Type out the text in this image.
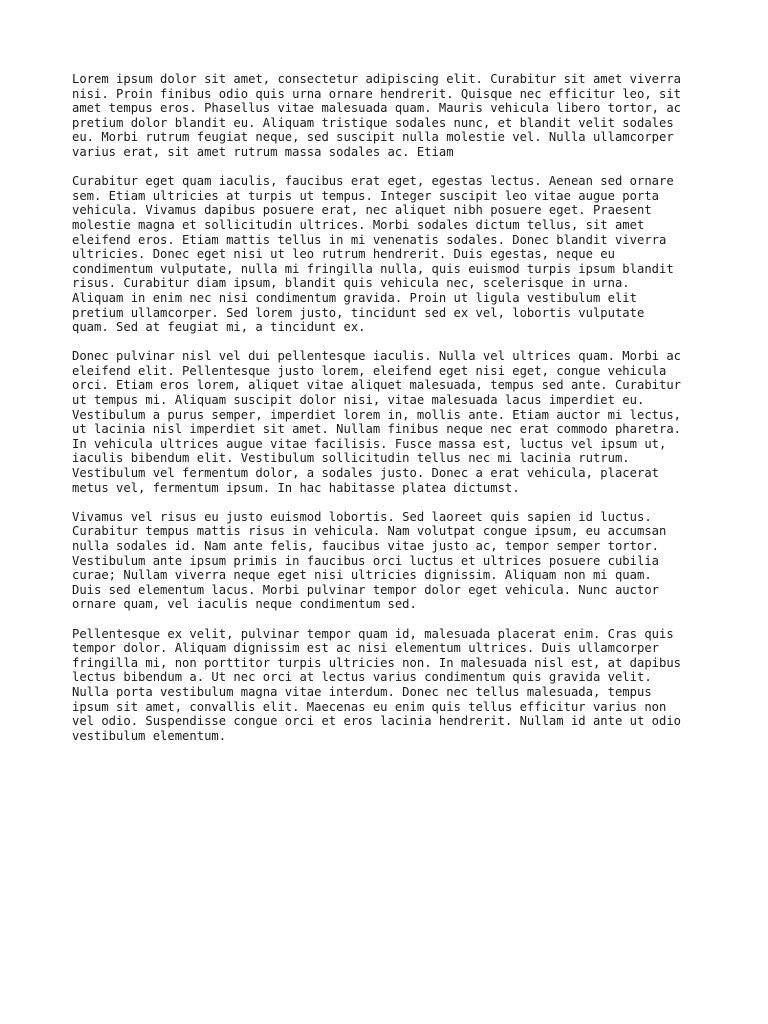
Lorem ipsum dolor sit amet, consectetur adipiscing elit. Curabitur sit amet viverra
nisi. Proin finibus odio quis urna ornare hendrerit. Quisque nec efficitur leo, sit
amet tempus eros. Phasellus vitae malesuada quam. Mauris vehicula libero tortor, ac
pretium dolor blandit eu. Aliquam tristique sodales nunc, et blandit velit sodales
eu. Morbi rutrum feugiat neque, sed suscipit nulla molestie vel. Nulla ullamcorper
varius erat, sit amet rutrum massa sodales ac. Etiam

Curabitur eget quam iaculis, faucibus erat eget, egestas lectus. Aenean sed ornare
sem. Etiam ultricies at turpis ut tempus. Integer suscipit leo vitae augue porta
vehicula. Vivamus dapibus posuere erat, nec aliquet nibh posuere eget. Praesent
molestie magna et sollicitudin ultrices. Morbi sodales dictum tellus, sit amet
eleifend eros. Etiam mattis tellus in mi venenatis sodales. Donec blandit viverra
ultricies. Donec eget nisi ut leo rutrum hendrerit. Duis egestas, neque eu
condimentum vulputate, nulla mi fringilla nulla, quis euismod turpis ipsum blandit
risus. Curabitur diam ipsum, blandit quis vehicula nec, scelerisque in urna.
Aliquam in enim nec nisi condimentum gravida. Proin ut ligula vestibulum elit
pretium ullamcorper. Sed lorem justo, tincidunt sed ex vel, lobortis vulputate
quam. Sed at feugiat mi, a tincidunt ex.

Donec pulvinar nisl vel dui pellentesque iaculis. Nulla vel ultrices quam. Morbi ac
eleifend elit. Pellentesque justo lorem, eleifend eget nisi eget, congue vehicula
orci. Etiam eros lorem, aliquet vitae aliquet malesuada, tempus sed ante. Curabitur
ut tempus mi. Aliquam suscipit dolor nisi, vitae malesuada lacus imperdiet eu.
Vestibulum a purus semper, imperdiet lorem in, mollis ante. Etiam auctor mi lectus,
ut lacinia nisl imperdiet sit amet. Nullam finibus neque nec erat commodo pharetra.
In vehicula ultrices augue vitae facilisis. Fusce massa est, luctus vel ipsum ut,
iaculis bibendum elit. Vestibulum sollicitudin tellus nec mi lacinia rutrum.
Vestibulum vel fermentum dolor, a sodales justo. Donec a erat vehicula, placerat
metus vel, fermentum ipsum. In hac habitasse platea dictumst.

Vivamus vel risus eu justo euismod lobortis. Sed laoreet quis sapien id luctus.
Curabitur tempus mattis risus in vehicula. Nam volutpat congue ipsum, eu accumsan
nulla sodales id. Nam ante felis, faucibus vitae justo ac, tempor semper tortor.
Vestibulum ante ipsum primis in faucibus orci luctus et ultrices posuere cubilia
curae; Nullam viverra neque eget nisi ultricies dignissim. Aliquam non mi quam.
Duis sed elementum lacus. Morbi pulvinar tempor dolor eget vehicula. Nunc auctor
ornare quam, vel iaculis neque condimentum sed.

Pellentesque ex velit, pulvinar tempor quam id, malesuada placerat enim. Cras quis
tempor dolor. Aliquam dignissim est ac nisi elementum ultrices. Duis ullamcorper
fringilla mi, non porttitor turpis ultricies non. In malesuada nisl est, at dapibus
lectus bibendum a. Ut nec orci at lectus varius condimentum quis gravida velit.
Nulla porta vestibulum magna vitae interdum. Donec nec tellus malesuada, tempus
ipsum sit amet, convallis elit. Maecenas eu enim quis tellus efficitur varius non
vel odio. Suspendisse congue orci et eros lacinia hendrerit. Nullam id ante ut odio
vestibulum elementum.
